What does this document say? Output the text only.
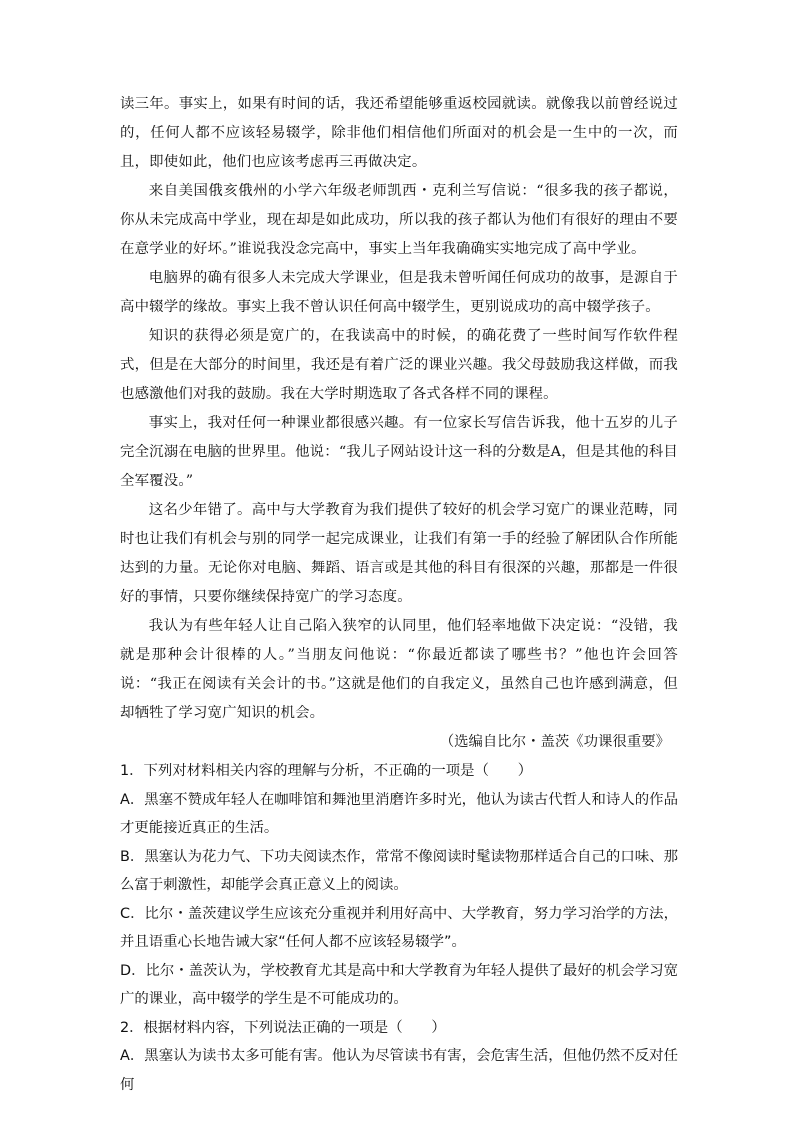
读三年。事实上，如果有时间的话，我还希望能够重返校园就读。就像我以前曾经说过的，任何人都不应该轻易辍学，除非他们相信他们所面对的机会是一生中的一次，而且，即使如此，他们也应该考虑再三再做决定。

来自美国俄亥俄州的小学六年级老师凯西・克利兰写信说：“很多我的孩子都说，你从未完成高中学业，现在却是如此成功，所以我的孩子都认为他们有很好的理由不要在意学业的好坏。”谁说我没念完高中，事实上当年我确确实实地完成了高中学业。

电脑界的确有很多人未完成大学课业，但是我未曾听闻任何成功的故事，是源自于高中辍学的缘故。事实上我不曾认识任何高中辍学生，更别说成功的高中辍学孩子。

知识的获得必须是宽广的，在我读高中的时候，的确花费了一些时间写作软件程式，但是在大部分的时间里，我还是有着广泛的课业兴趣。我父母鼓励我这样做，而我也感激他们对我的鼓励。我在大学时期选取了各式各样不同的课程。

事实上，我对任何一种课业都很感兴趣。有一位家长写信告诉我，他十五岁的儿子完全沉溺在电脑的世界里。他说：“我儿子网站设计这一科的分数是A，但是其他的科目全军覆没。”

这名少年错了。高中与大学教育为我们提供了较好的机会学习宽广的课业范畴，同时也让我们有机会与别的同学一起完成课业，让我们有第一手的经验了解团队合作所能达到的力量。无论你对电脑、舞蹈、语言或是其他的科目有很深的兴趣，那都是一件很好的事情，只要你继续保持宽广的学习态度。

我认为有些年轻人让自己陷入狭窄的认同里，他们轻率地做下决定说：“没错，我就是那种会计很棒的人。”当朋友问他说：“你最近都读了哪些书？”他也许会回答说：“我正在阅读有关会计的书。”这就是他们的自我定义，虽然自己也许感到满意，但却牺牲了学习宽广知识的机会。

（选编自比尔・盖茨《功课很重要》

1．下列对材料相关内容的理解与分析，不正确的一项是（　　）

A．黑塞不赞成年轻人在咖啡馆和舞池里消磨许多时光，他认为读古代哲人和诗人的作品才更能接近真正的生活。

B．黑塞认为花力气、下功夫阅读杰作，常常不像阅读时髦读物那样适合自己的口味、那么富于刺激性，却能学会真正意义上的阅读。

C．比尔・盖茨建议学生应该充分重视并利用好高中、大学教育，努力学习治学的方法，并且语重心长地告诫大家“任何人都不应该轻易辍学”。

D．比尔・盖茨认为，学校教育尤其是高中和大学教育为年轻人提供了最好的机会学习宽广的课业，高中辍学的学生是不可能成功的。

2．根据材料内容，下列说法正确的一项是（　　）

A．黑塞认为读书太多可能有害。他认为尽管读书有害，会危害生活，但他仍然不反对任何
